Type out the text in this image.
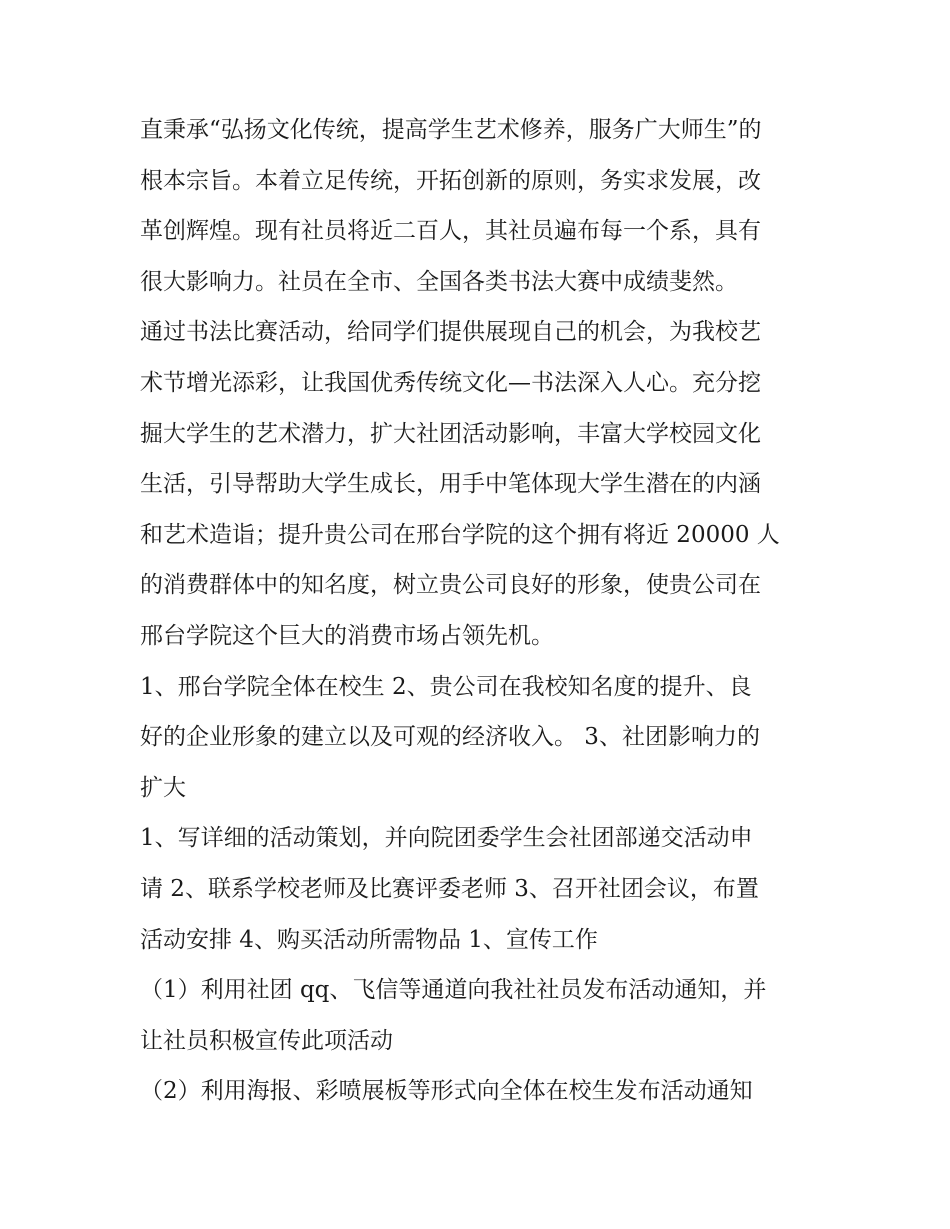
直秉承“弘扬文化传统，提高学生艺术修养，服务广大师生”的
根本宗旨。本着立足传统，开拓创新的原则，务实求发展，改
革创辉煌。现有社员将近二百人，其社员遍布每一个系，具有
很大影响力。社员在全市、全国各类书法大赛中成绩斐然。
通过书法比赛活动，给同学们提供展现自己的机会，为我校艺
术节增光添彩，让我国优秀传统文化—书法深入人心。充分挖
掘大学生的艺术潜力，扩大社团活动影响，丰富大学校园文化
生活，引导帮助大学生成长，用手中笔体现大学生潜在的内涵
和艺术造诣；提升贵公司在邢台学院的这个拥有将近 20000 人
的消费群体中的知名度，树立贵公司良好的形象，使贵公司在
邢台学院这个巨大的消费市场占领先机。
1、邢台学院全体在校生 2、贵公司在我校知名度的提升、良
好的企业形象的建立以及可观的经济收入。 3、社团影响力的
扩大
1、写详细的活动策划，并向院团委学生会社团部递交活动申
请 2、联系学校老师及比赛评委老师 3、召开社团会议，布置
活动安排 4、购买活动所需物品 1、宣传工作
（1）利用社团 qq、飞信等通道向我社社员发布活动通知，并
让社员积极宣传此项活动
（2）利用海报、彩喷展板等形式向全体在校生发布活动通知
